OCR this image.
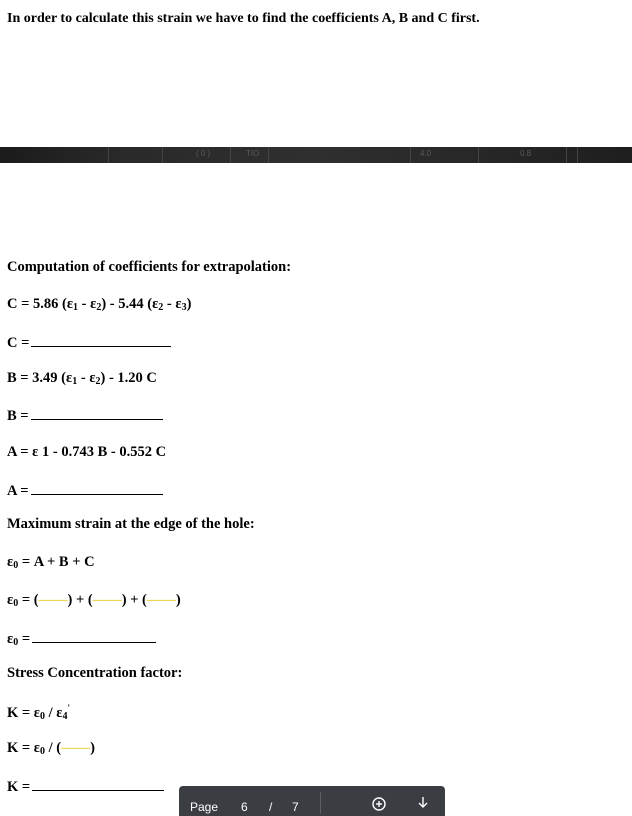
In order to calculate this strain we have to find the coefficients A, B and C first.
( 0 )	TIO	4.0	0.8
Computation of coefficients for extrapolation:
C = 5.86 $(\varepsilon_1 - \varepsilon_2) - 5.44$ $(\varepsilon_2 - \varepsilon_3)$
C =
B = 3.49 $(\varepsilon_1 - \varepsilon_2) - 1.20$ C
B =
A = ε 1 - 0.743 B - 0.552 C
A =
Maximum strain at the edge of the hole:
$\varepsilon_0 = A + B + C$
$\varepsilon_0$ = (——) + (——) + (——)
$\varepsilon_0$ =
Stress Concentration factor:
$K = \varepsilon_0 / \varepsilon_4'$
$K = \varepsilon_0$ / (——)
K =
Page 6 / 7
